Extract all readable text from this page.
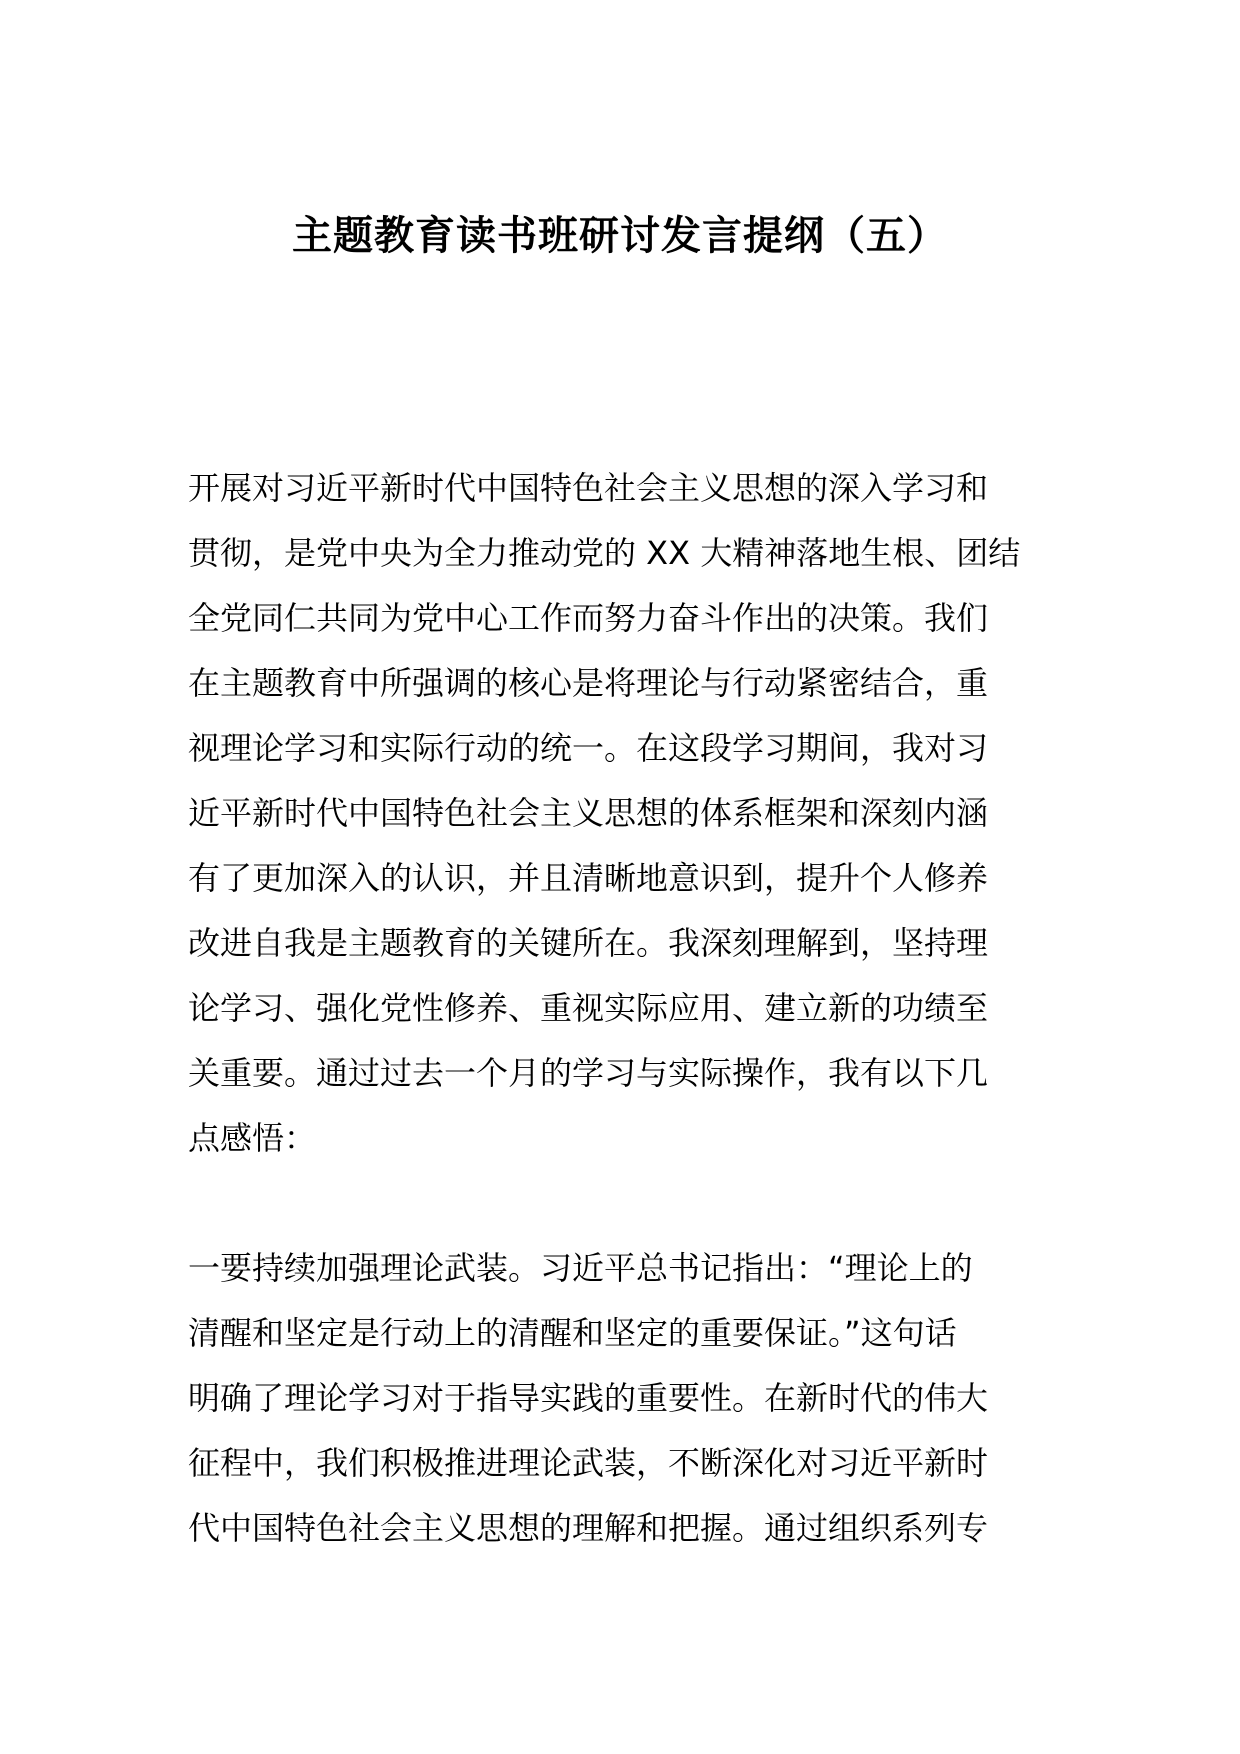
主题教育读书班研讨发言提纲（五）
开展对习近平新时代中国特色社会主义思想的深入学习和
贯彻，是党中央为全力推动党的 XX 大精神落地生根、团结
全党同仁共同为党中心工作而努力奋斗作出的决策。我们
在主题教育中所强调的核心是将理论与行动紧密结合，重
视理论学习和实际行动的统一。在这段学习期间，我对习
近平新时代中国特色社会主义思想的体系框架和深刻内涵
有了更加深入的认识，并且清晰地意识到，提升个人修养
改进自我是主题教育的关键所在。我深刻理解到，坚持理
论学习、强化党性修养、重视实际应用、建立新的功绩至
关重要。通过过去一个月的学习与实际操作，我有以下几
点感悟：
一要持续加强理论武装。习近平总书记指出：“理论上的
清醒和坚定是行动上的清醒和坚定的重要保证。”这句话
明确了理论学习对于指导实践的重要性。在新时代的伟大
征程中，我们积极推进理论武装，不断深化对习近平新时
代中国特色社会主义思想的理解和把握。通过组织系列专
